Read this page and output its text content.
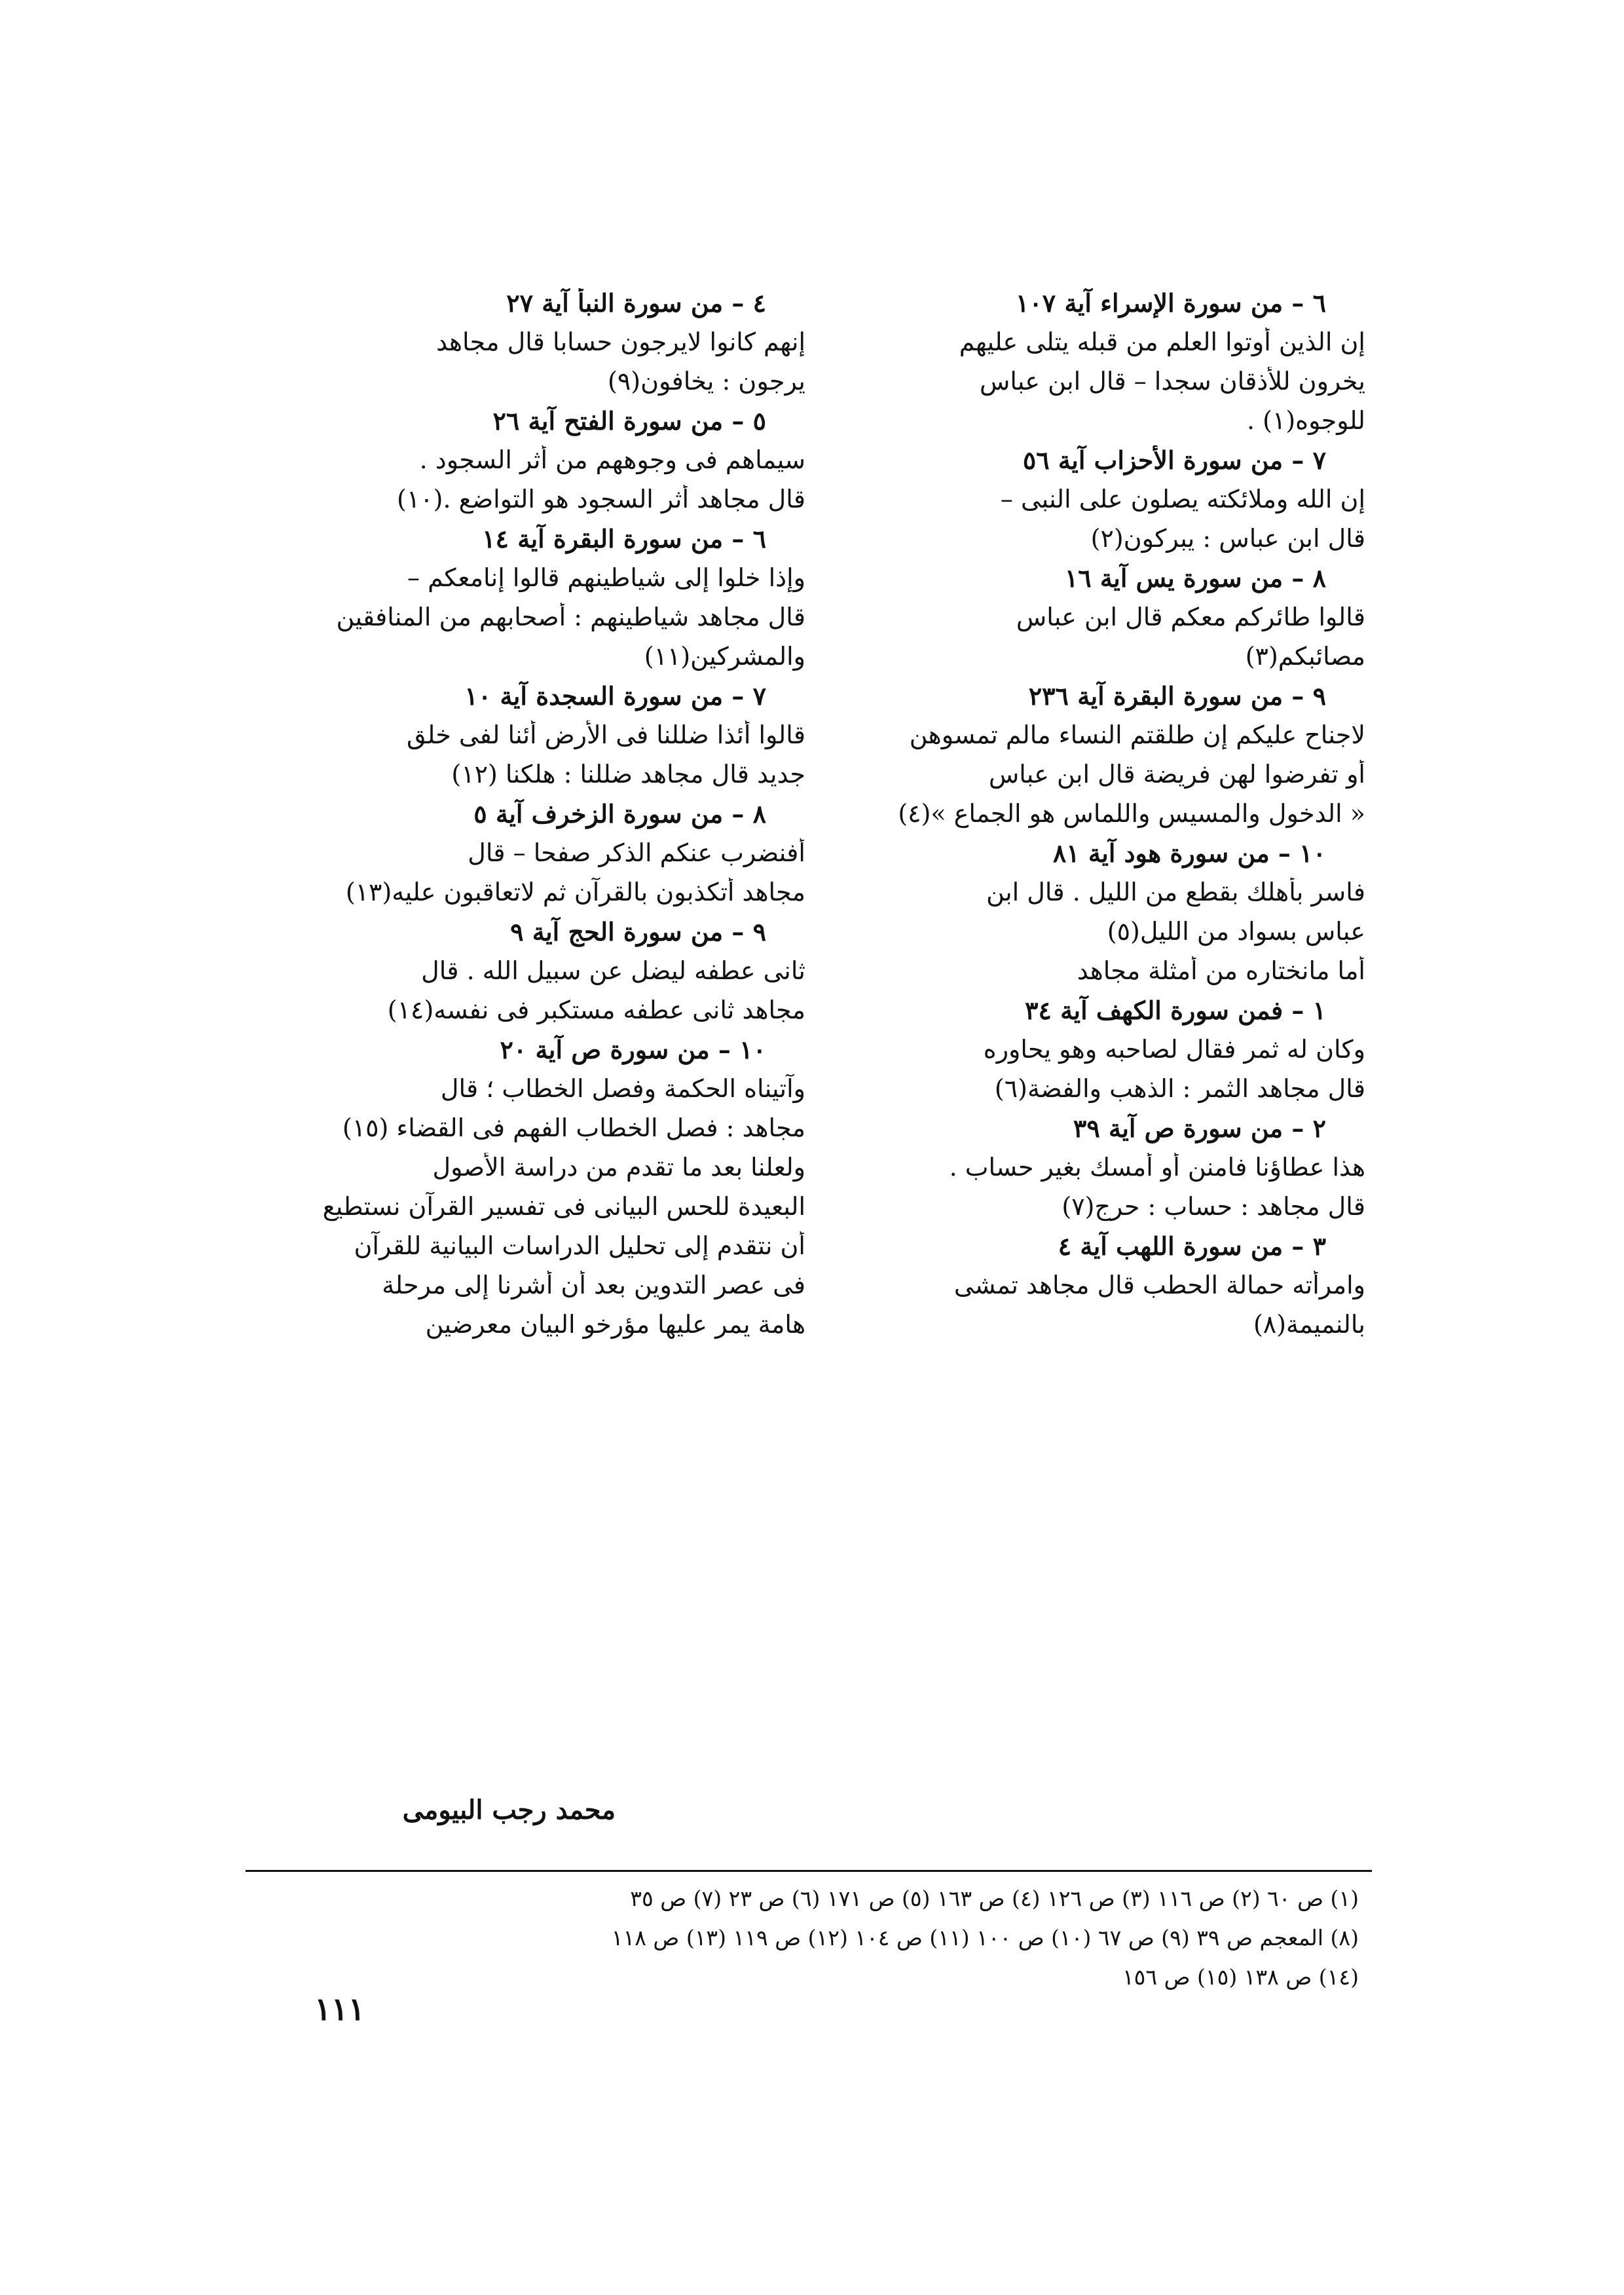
٦ – من سورة الإسراء آية ١٠٧
إن الذين أوتوا العلم من قبله يتلى عليهم
يخرون للأذقان سجدا – قال ابن عباس
للوجوه(١) .
٧ – من سورة الأحزاب آية ٥٦
إن الله وملائكته يصلون على النبى –
قال ابن عباس : يبركون(٢)
٨ – من سورة يس آية ١٦
قالوا طائركم معكم قال ابن عباس
مصائبكم(٣)
٩ – من سورة البقرة آية ٢٣٦
لاجناح عليكم إن طلقتم النساء مالم تمسوهن
أو تفرضوا لهن فريضة قال ابن عباس
« الدخول والمسيس واللماس هو الجماع »(٤)
١٠ – من سورة هود آية ٨١
فاسر بأهلك بقطع من الليل . قال ابن
عباس بسواد من الليل(٥)
أما مانختاره من أمثلة مجاهد
١ – فمن سورة الكهف آية ٣٤
وكان له ثمر فقال لصاحبه وهو يحاوره
قال مجاهد الثمر : الذهب والفضة(٦)
٢ – من سورة ص آية ٣٩
هذا عطاؤنا فامنن أو أمسك بغير حساب .
قال مجاهد : حساب : حرج(٧)
٣ – من سورة اللهب آية ٤
وامرأته حمالة الحطب قال مجاهد تمشى
بالنميمة(٨)
٤ – من سورة النبأ آية ٢٧
إنهم كانوا لايرجون حسابا قال مجاهد
يرجون : يخافون(٩)
٥ – من سورة الفتح آية ٢٦
سيماهم فى وجوههم من أثر السجود .
قال مجاهد أثر السجود هو التواضع .(١٠)
٦ – من سورة البقرة آية ١٤
وإذا خلوا إلى شياطينهم قالوا إنامعكم –
قال مجاهد شياطينهم : أصحابهم من المنافقين
والمشركين(١١)
٧ – من سورة السجدة آية ١٠
قالوا أئذا ضللنا فى الأرض أئنا لفى خلق
جديد قال مجاهد ضللنا : هلكنا (١٢)
٨ – من سورة الزخرف آية ٥
أفنضرب عنكم الذكر صفحا – قال
مجاهد أتكذبون بالقرآن ثم لاتعاقبون عليه(١٣)
٩ – من سورة الحج آية ٩
ثانى عطفه ليضل عن سبيل الله . قال
مجاهد ثانى عطفه مستكبر فى نفسه(١٤)
١٠ – من سورة ص آية ٢٠
وآتيناه الحكمة وفصل الخطاب ؛ قال
مجاهد : فصل الخطاب الفهم فى القضاء (١٥)
ولعلنا بعد ما تقدم من دراسة الأصول
البعيدة للحس البيانى فى تفسير القرآن نستطيع
أن نتقدم إلى تحليل الدراسات البيانية للقرآن
فى عصر التدوين بعد أن أشرنا إلى مرحلة
هامة يمر عليها مؤرخو البيان معرضين
محمد رجب البيومى
(١) ص ٦٠ (٢) ص ١١٦ (٣) ص ١٢٦ (٤) ص ١٦٣ (٥) ص ١٧١ (٦) ص ٢٣ (٧) ص ٣٥
(٨) المعجم ص ٣٩ (٩) ص ٦٧ (١٠) ص ١٠٠ (١١) ص ١٠٤ (١٢) ص ١١٩ (١٣) ص ١١٨
(١٤) ص ١٣٨ (١٥) ص ١٥٦
١١١
